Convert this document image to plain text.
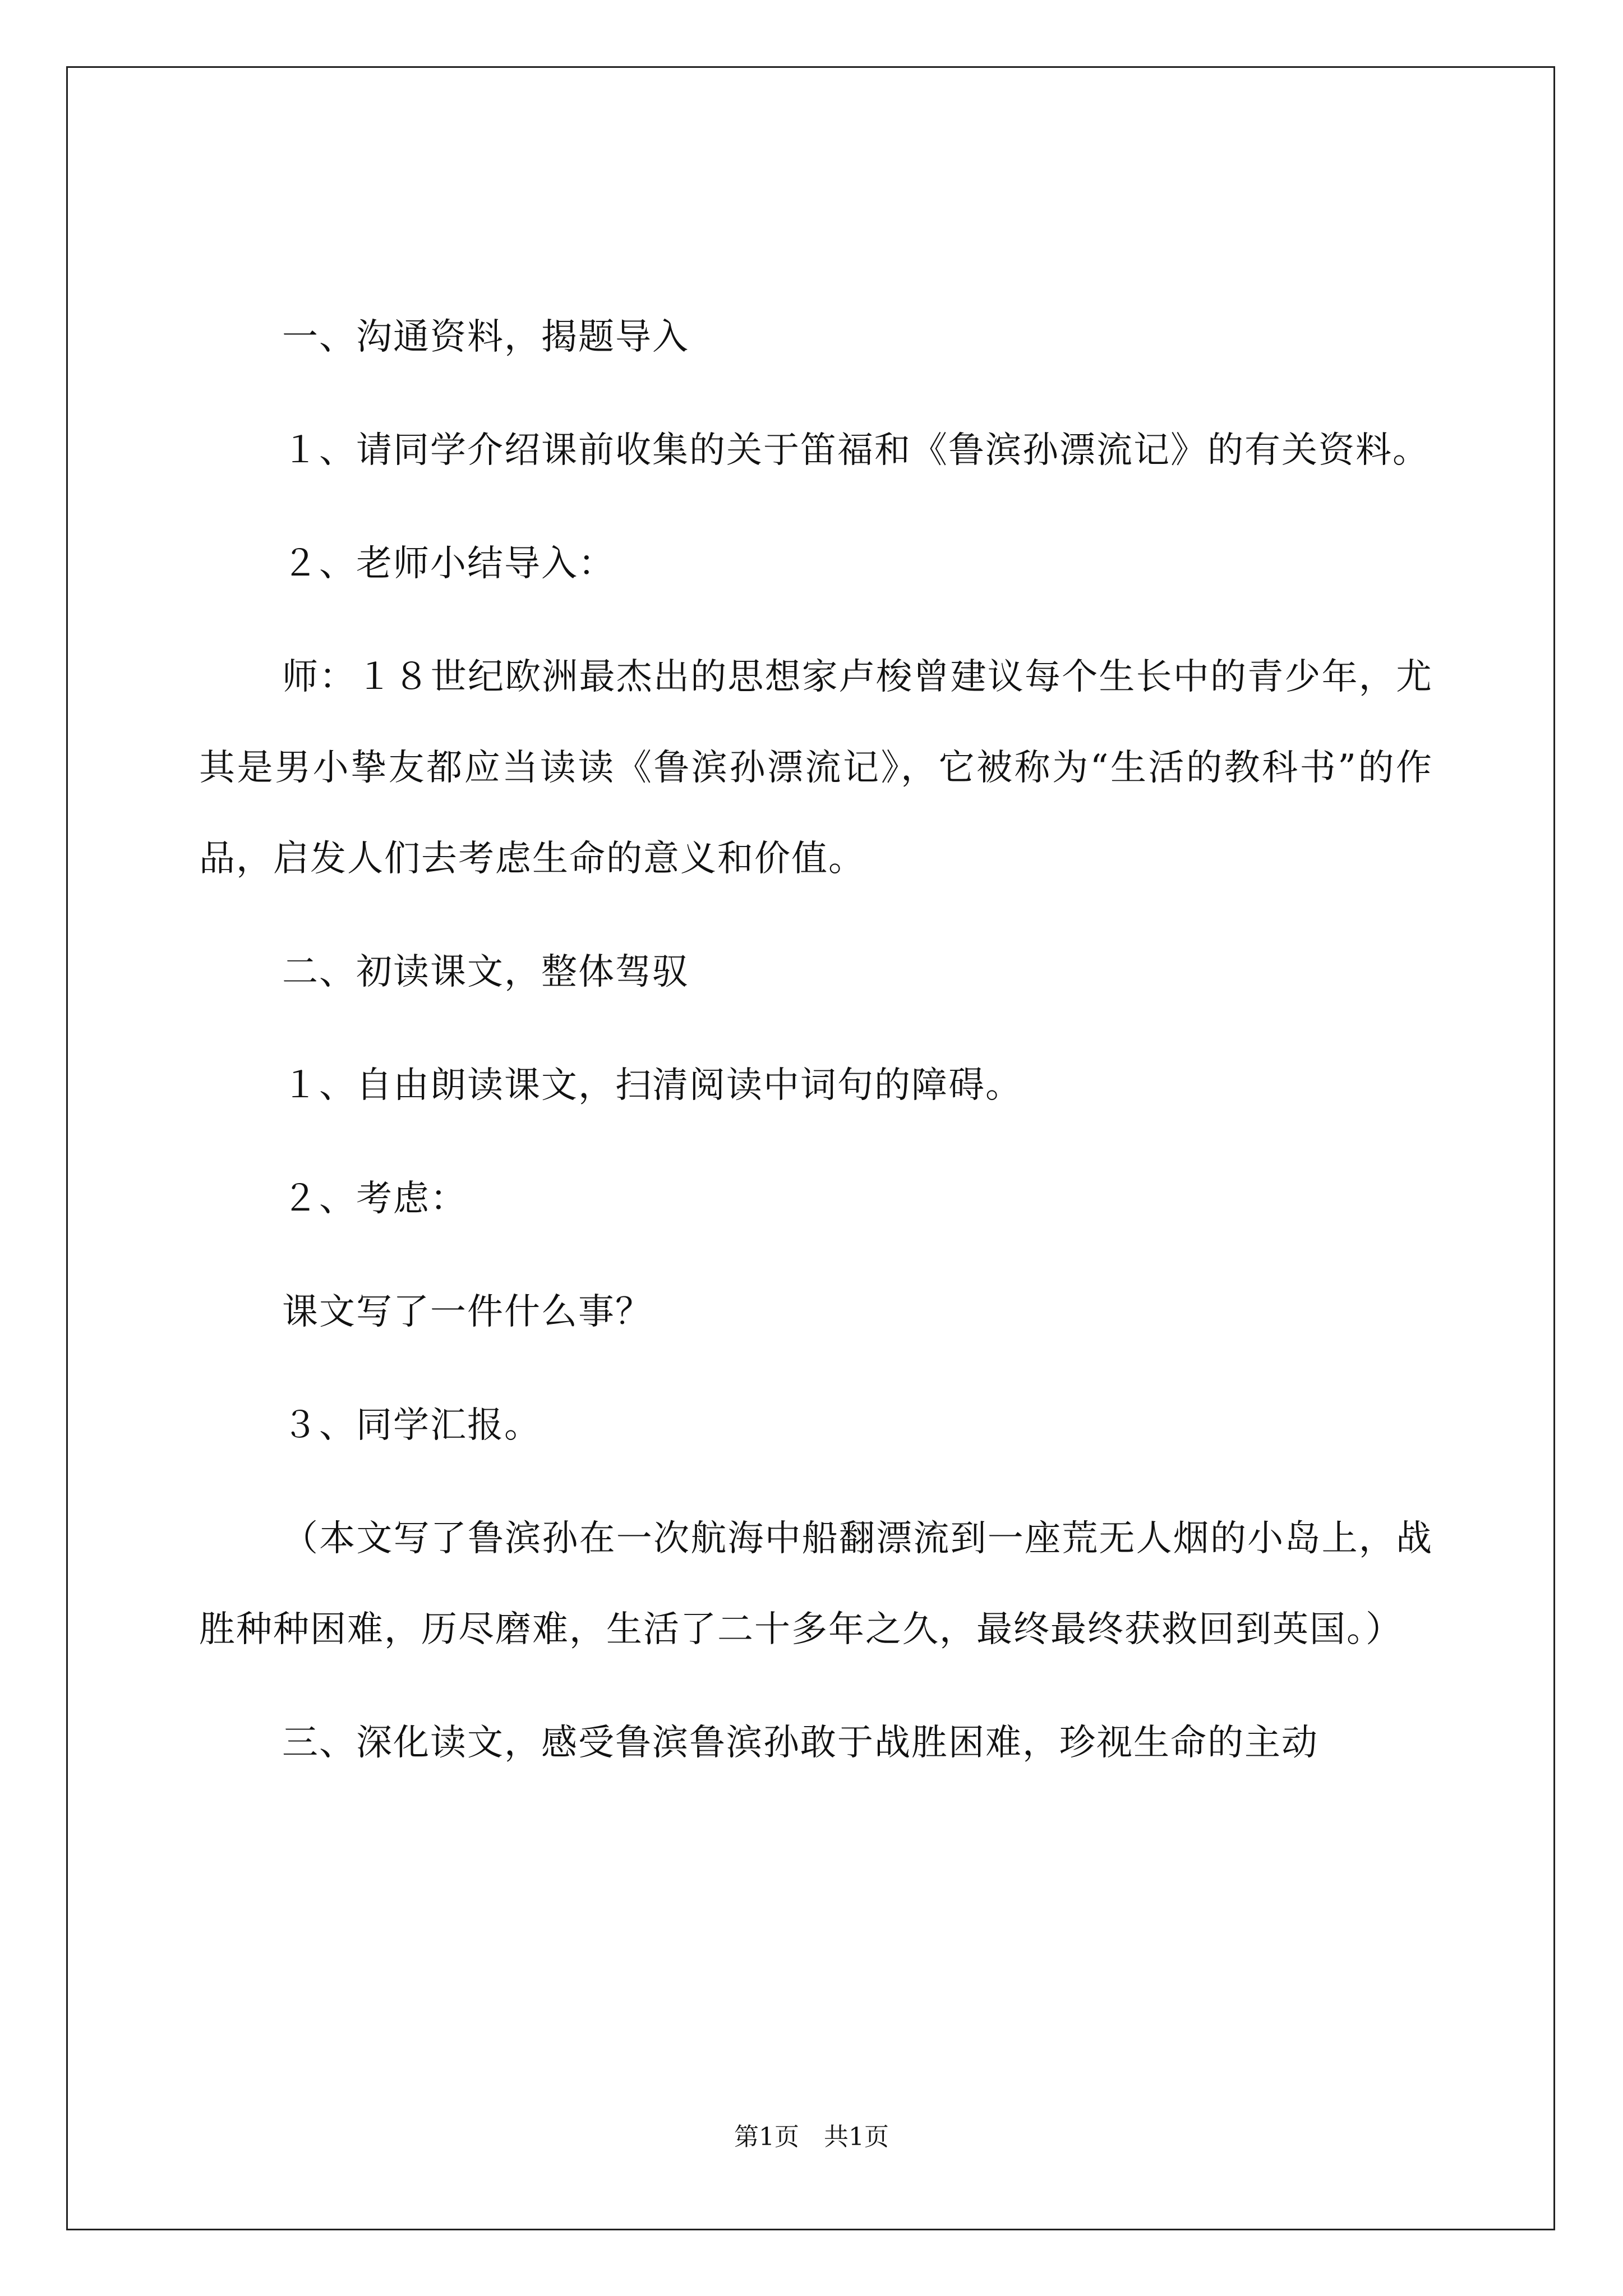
一、沟通资料，揭题导入

１、请同学介绍课前收集的关于笛福和《鲁滨孙漂流记》的有关资料。

２、老师小结导入：

师：１８世纪欧洲最杰出的思想家卢梭曾建议每个生长中的青少年，尤其是男小挚友都应当读读《鲁滨孙漂流记》，它被称为“生活的教科书”的作品，启发人们去考虑生命的意义和价值。

二、初读课文，整体驾驭

１、自由朗读课文，扫清阅读中词句的障碍。

２、考虑：

课文写了一件什么事？

３、同学汇报。

（本文写了鲁滨孙在一次航海中船翻漂流到一座荒无人烟的小岛上，战胜种种困难，历尽磨难，生活了二十多年之久，最终最终获救回到英国。）

三、深化读文，感受鲁滨鲁滨孙敢于战胜困难，珍视生命的主动

第1页　共1页
